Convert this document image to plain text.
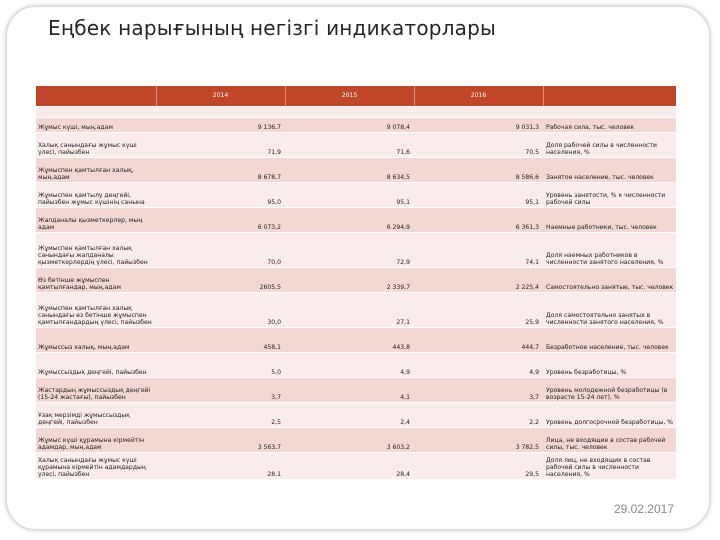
Еңбек нарығының негізгі индикаторлары
	2014	2015	2016	

Жұмыс күші, мың.адам	9 136,7	9 078,4	9 031,3	Рабочая сила, тыс. человек
Халық санындағы жұмыс күші үлесі, пайызбен	71,9	71,6	70,5	Доля рабочей силы в численности населения, %
Жұмыспен қамтылған халық, мың.адам	8 678,7	8 634,5	8 586,6	Занятое население, тыс. человек
Жұмыспен қамтылу деңгейі, пайызбен жұмыс күшінің санына	95,0	95,1	95,1	Уровень занятости, % к численности рабочей силы
Жалданалы қызметкерлер, мың адам	6 073,2	6 294,9	6 361,3	Наемные работники, тыс. человек
Жұмыспен қамтылған халық санындағы жалданалы қызметкерлердің үлесі, пайызбен	70,0	72,9	74,1	Доля наемных работников в численности занятого населения, %
Өз бетінше жұмыспен қамтылғандар, мың.адам	2605,5	2 339,7	2 225,4	Самостоятельно занятые, тыс. человек
Жұмыспен қамтылған халық санындағы өз бетінше жұмыспен қамтылғандардың үлесі, пайызбен	30,0	27,1	25,9	Доля самостоятельно занятых в численности занятого населения, %
Жұмыссыз халық, мың.адам	458,1	443,8	444,7	Безработное население, тыс. человек
Жұмыссыздық деңгейі, пайызбен	5,0	4,9	4,9	Уровень безработицы, %
Жастардың жұмыссыздық деңгейі (15-24 жастағы), пайызбен	3,7	4,1	3,7	Уровень молодежной безработицы (в возрасте 15-24 лет), %
Ұзақ мерзімді жұмыссыздық деңгейі, пайызбен	2,5	2,4	2,2	Уровень долгосрочной безработицы, %
Жұмыс күші құрамына кірмейтін адамдар, мың.адам	3 563,7	3 603,2	3 782,5	Лица, не входящие в состав рабочей силы, тыс. человек
Халық санындағы жұмыс күші құрамына кірмейтін адамдардың үлесі, пайызбен	28,1	28,4	29,5	Доля лиц, не входящих в состав рабочей силы в численности населения, %
29.02.2017
